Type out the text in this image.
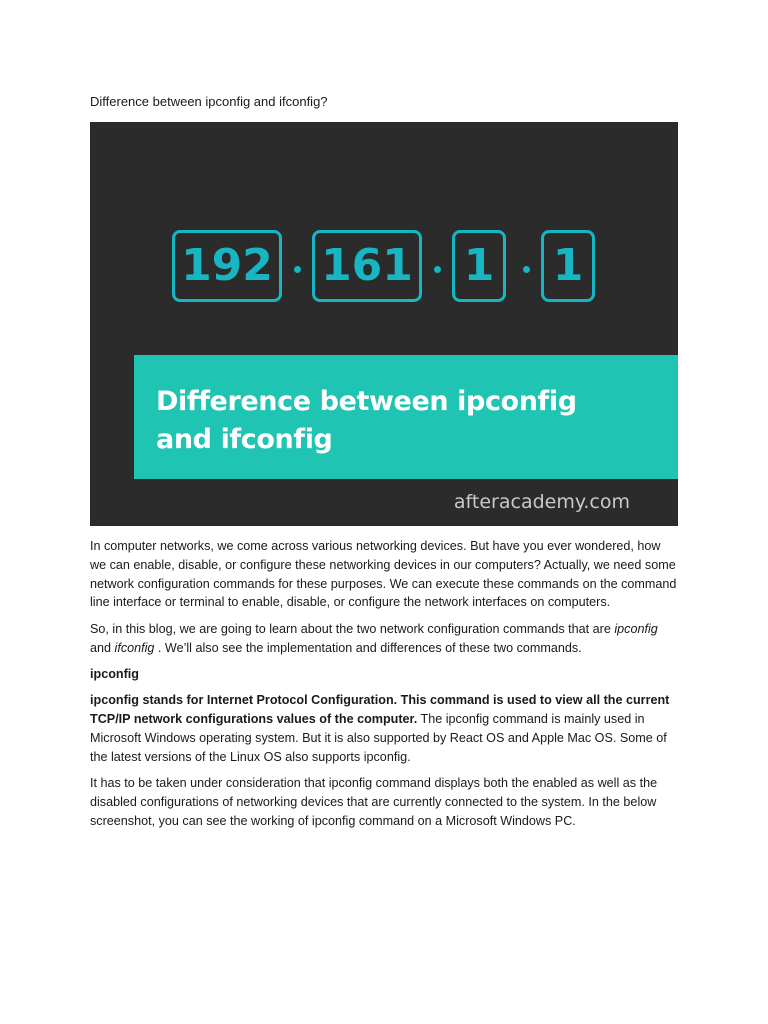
Difference between ipconfig and ifconfig?
192 161 1 1
Difference between ipconfig
and ifconfig
afteracademy.com

In computer networks, we come across various networking devices. But have you ever wondered, how we can enable, disable, or configure these networking devices in our computers? Actually, we need some network configuration commands for these purposes. We can execute these commands on the command line interface or terminal to enable, disable, or configure the network interfaces on computers.

So, in this blog, we are going to learn about the two network configuration commands that are ipconfig and ifconfig . We’ll also see the implementation and differences of these two commands.

ipconfig

ipconfig stands for Internet Protocol Configuration. This command is used to view all the current TCP/IP network configurations values of the computer. The ipconfig command is mainly used in Microsoft Windows operating system. But it is also supported by React OS and Apple Mac OS. Some of the latest versions of the Linux OS also supports ipconfig.

It has to be taken under consideration that ipconfig command displays both the enabled as well as the disabled configurations of networking devices that are currently connected to the system. In the below screenshot, you can see the working of ipconfig command on a Microsoft Windows PC.
